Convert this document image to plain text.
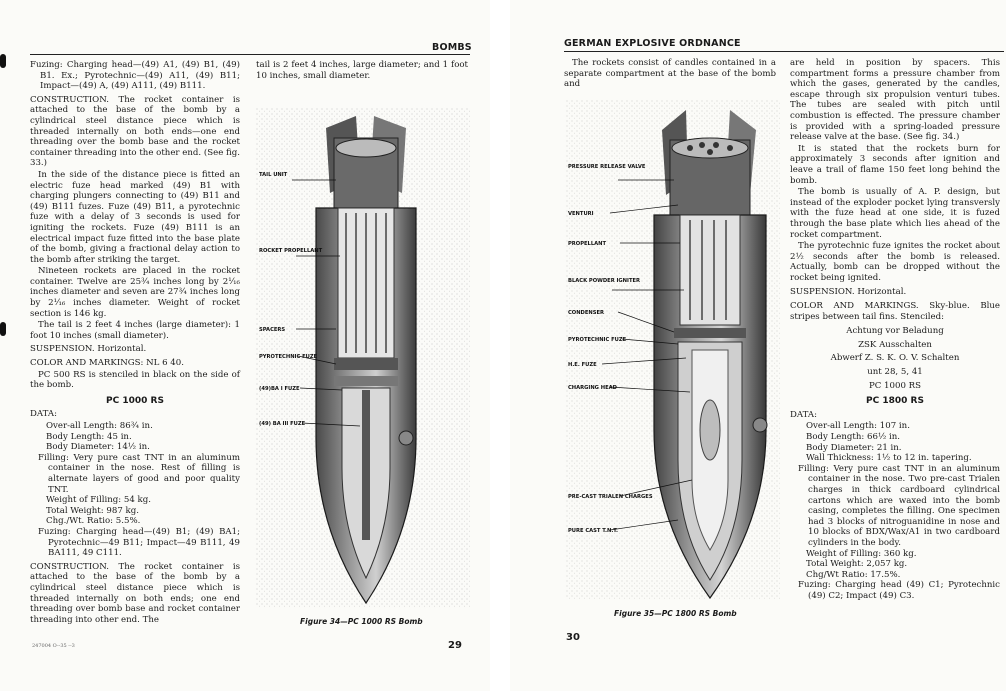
BOMBS

Fuzing: Charging head—(49) A1, (49) B1, (49) B1. Ex.; Pyrotechnic—(49) A11, (49) B11; Impact—(49) A, (49) A111, (49) B111.

CONSTRUCTION. The rocket container is attached to the base of the bomb by a cylindrical steel distance piece which is threaded internally on both ends—one end threading over the bomb base and the rocket container threading into the other end. (See fig. 33.)

In the side of the distance piece is fitted an electric fuze head marked (49) B1 with charging plungers connecting to (49) B11 and (49) B111 fuzes. Fuze (49) B11, a pyrotechnic fuze with a delay of 3 seconds is used for igniting the rockets. Fuze (49) B111 is an electrical impact fuze fitted into the base plate of the bomb, giving a fractional delay action to the bomb after striking the target.

Nineteen rockets are placed in the rocket container. Twelve are 25¾ inches long by 2¹⁄₁₆ inches diameter and seven are 27¾ inches long by 2¹⁄₁₆ inches diameter. Weight of rocket section is 146 kg.

The tail is 2 feet 4 inches (large diameter): 1 foot 10 inches (small diameter).

SUSPENSION. Horizontal.

COLOR AND MARKINGS: NL 6 40.

PC 500 RS is stenciled in black on the side of the bomb.

PC 1000 RS

DATA:

Over-all Length: 86¾ in.

Body Length: 45 in.

Body Diameter: 14½ in.

Filling: Very pure cast TNT in an aluminum container in the nose. Rest of filling is alternate layers of good and poor quality TNT.

Weight of Filling: 54 kg.

Total Weight: 987 kg.

Chg./Wt. Ratio: 5.5%.

Fuzing: Charging head—(49) B1; (49) BA1; Pyrotechnic—49 B11; Impact—49 B111, 49 BA111, 49 C111.

CONSTRUCTION. The rocket container is attached to the base of the bomb by a cylindrical steel distance piece which is threaded internally on both ends; one end threading over bomb base and rocket container threading into other end. The

tail is 2 feet 4 inches, large diameter; and 1 foot 10 inches, small diameter.

TAIL UNIT
ROCKET PROPELLANT
SPACERS
PYROTECHNIC FUZE
(49)BA I FUZE
(49) BA III FUZE
Figure 34—PC 1000 RS Bomb
29
247004 O--35 --3
GERMAN EXPLOSIVE ORDNANCE

The rockets consist of candles contained in a separate compartment at the base of the bomb and

PRESSURE RELEASE VALVE
VENTURI
PROPELLANT
BLACK POWDER IGNITER
CONDENSER
PYROTECHNIC FUZE
H.E. FUZE
CHARGING HEAD
PRE-CAST TRIALEN CHARGES
PURE CAST T.N.T.
Figure 35—PC 1800 RS Bomb
30

are held in position by spacers. This compartment forms a pressure chamber from which the gases, generated by the candles, escape through six propulsion venturi tubes. The tubes are sealed with pitch until combustion is effected. The pressure chamber is provided with a spring-loaded pressure release valve at the base. (See fig. 34.)

It is stated that the rockets burn for approximately 3 seconds after ignition and leave a trail of flame 150 feet long behind the bomb.

The bomb is usually of A. P. design, but instead of the exploder pocket lying transversly with the fuze head at one side, it is fuzed through the base plate which lies ahead of the rocket compartment.

The pyrotechnic fuze ignites the rocket about 2½ seconds after the bomb is released. Actually, bomb can be dropped without the rocket being ignited.

SUSPENSION. Horizontal.

COLOR AND MARKINGS. Sky-blue. Blue stripes between tail fins. Stenciled:

Achtung vor Beladung
ZSK Ausschalten
Abwerf Z. S. K. O. V. Schalten
unt 28, 5, 41
PC 1000 RS
PC 1800 RS

DATA:

Over-all Length: 107 in.

Body Length: 66½ in.

Body Diameter: 21 in.

Wall Thickness: 1½ to 12 in. tapering.

Filling: Very pure cast TNT in an aluminum container in the nose. Two pre-cast Trialen charges in thick cardboard cylindrical cartons which are waxed into the bomb casing, completes the filling. One specimen had 3 blocks of nitroguanidine in nose and 10 blocks of BDX/Wax/A1 in two cardboard cylinders in the body.

Weight of Filling: 360 kg.

Total Weight: 2,057 kg.

Chg/Wt Ratio: 17.5%.

Fuzing: Charging head (49) C1; Pyrotechnic (49) C2; Impact (49) C3.
